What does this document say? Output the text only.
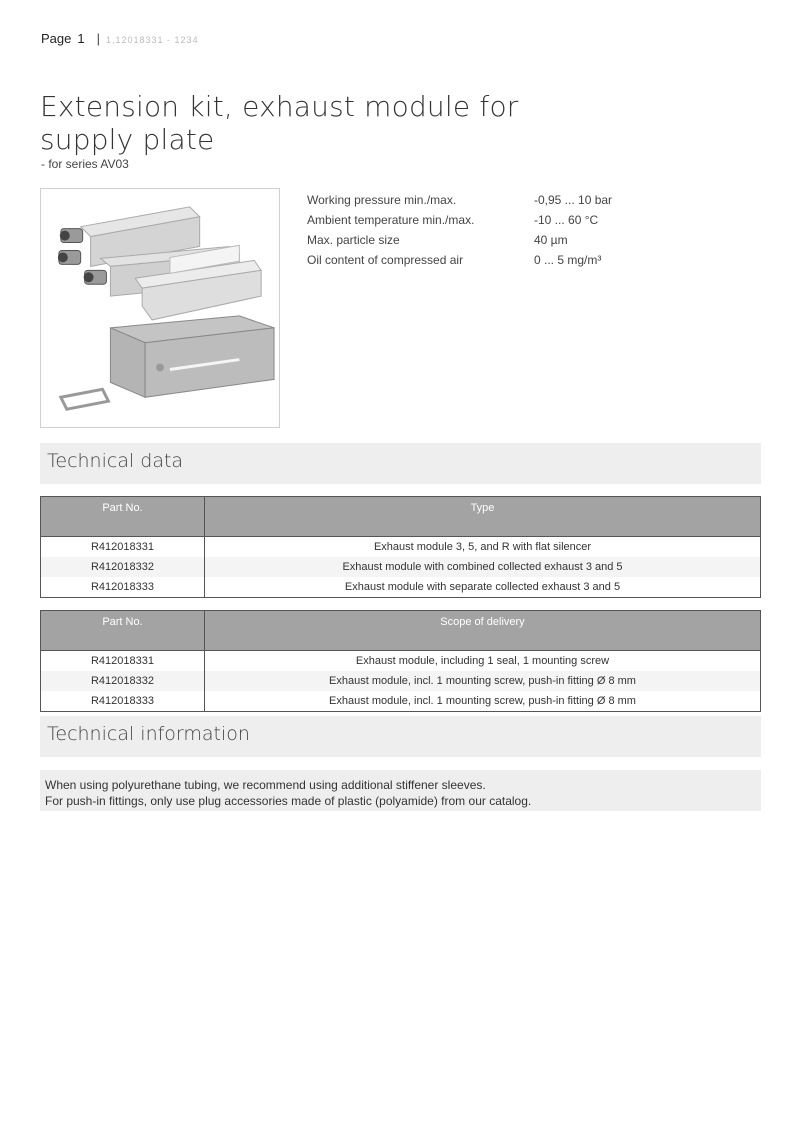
Page 1 | 1,12018331 - 1234
Extension kit, exhaust module for supply plate
- for series AV03
Working pressure min./max.	-0,95 ... 10 bar
Ambient temperature min./max.	-10 ... 60 °C
Max. particle size	40 µm
Oil content of compressed air	0 ... 5 mg/m³
Technical data
Part No.	Type
R412018331	Exhaust module 3, 5, and R with flat silencer
R412018332	Exhaust module with combined collected exhaust 3 and 5
R412018333	Exhaust module with separate collected exhaust 3 and 5
Part No.	Scope of delivery
R412018331	Exhaust module, including 1 seal, 1 mounting screw
R412018332	Exhaust module, incl. 1 mounting screw, push-in fitting Ø 8 mm
R412018333	Exhaust module, incl. 1 mounting screw, push-in fitting Ø 8 mm
Technical information
When using polyurethane tubing, we recommend using additional stiffener sleeves.
For push-in fittings, only use plug accessories made of plastic (polyamide) from our catalog.
